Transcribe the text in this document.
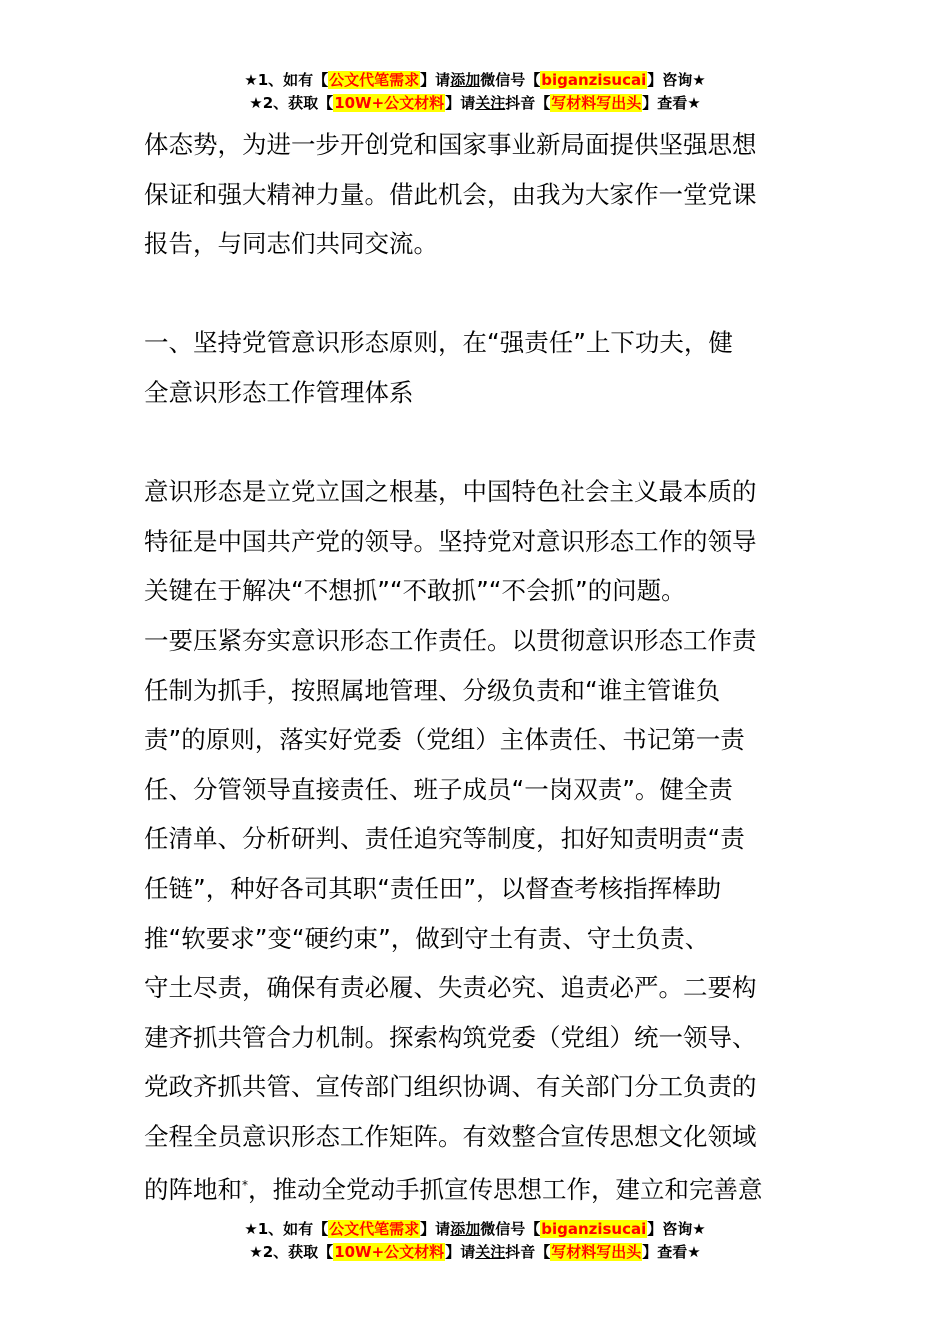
★1、如有【公文代笔需求】请添加微信号【biganzisucai】咨询★
★2、获取【10W+公文材料】请关注抖音【写材料写出头】查看★
体态势，为进一步开创党和国家事业新局面提供坚强思想
保证和强大精神力量。借此机会，由我为大家作一堂党课
报告，与同志们共同交流。
一、坚持党管意识形态原则，在“强责任”上下功夫，健
全意识形态工作管理体系
意识形态是立党立国之根基，中国特色社会主义最本质的
特征是中国共产党的领导。坚持党对意识形态工作的领导
关键在于解决“不想抓”“不敢抓”“不会抓”的问题。
一要压紧夯实意识形态工作责任。以贯彻意识形态工作责
任制为抓手，按照属地管理、分级负责和“谁主管谁负
责”的原则，落实好党委（党组）主体责任、书记第一责
任、分管领导直接责任、班子成员“一岗双责”。健全责
任清单、分析研判、责任追究等制度，扣好知责明责“责
任链”，种好各司其职“责任田”，以督查考核指挥棒助
推“软要求”变“硬约束”，做到守土有责、守土负责、
守土尽责，确保有责必履、失责必究、追责必严。二要构
建齐抓共管合力机制。探索构筑党委（党组）统一领导、
党政齐抓共管、宣传部门组织协调、有关部门分工负责的
全程全员意识形态工作矩阵。有效整合宣传思想文化领域
的阵地和*，推动全党动手抓宣传思想工作，建立和完善意
★1、如有【公文代笔需求】请添加微信号【biganzisucai】咨询★
★2、获取【10W+公文材料】请关注抖音【写材料写出头】查看★
